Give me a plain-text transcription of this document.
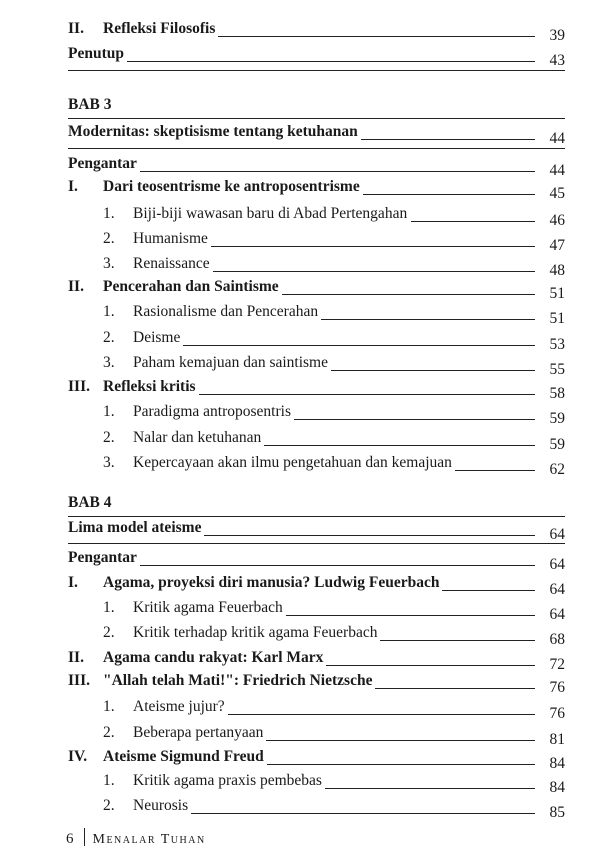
II. Refleksi Filosofis	39
Penutup	43
BAB 3
Modernitas: skeptisisme tentang ketuhanan	44
Pengantar	44
I. Dari teosentrisme ke antroposentrisme	45
1. Biji-biji wawasan baru di Abad Pertengahan	46
2. Humanisme	47
3. Renaissance	48
II. Pencerahan dan Saintisme	51
1. Rasionalisme dan Pencerahan	51
2. Deisme	53
3. Paham kemajuan dan saintisme	55
III. Refleksi kritis	58
1. Paradigma antroposentris	59
2. Nalar dan ketuhanan	59
3. Kepercayaan akan ilmu pengetahuan dan kemajuan	62
BAB 4
Lima model ateisme	64
Pengantar	64
I. Agama, proyeksi diri manusia? Ludwig Feuerbach	64
1. Kritik agama Feuerbach	64
2. Kritik terhadap kritik agama Feuerbach	68
II. Agama candu rakyat: Karl Marx	72
III. "Allah telah Mati!": Friedrich Nietzsche	76
1. Ateisme jujur?	76
2. Beberapa pertanyaan	81
IV. Ateisme Sigmund Freud	84
1. Kritik agama praxis pembebas	84
2. Neurosis	85
6 Menalar Tuhan
